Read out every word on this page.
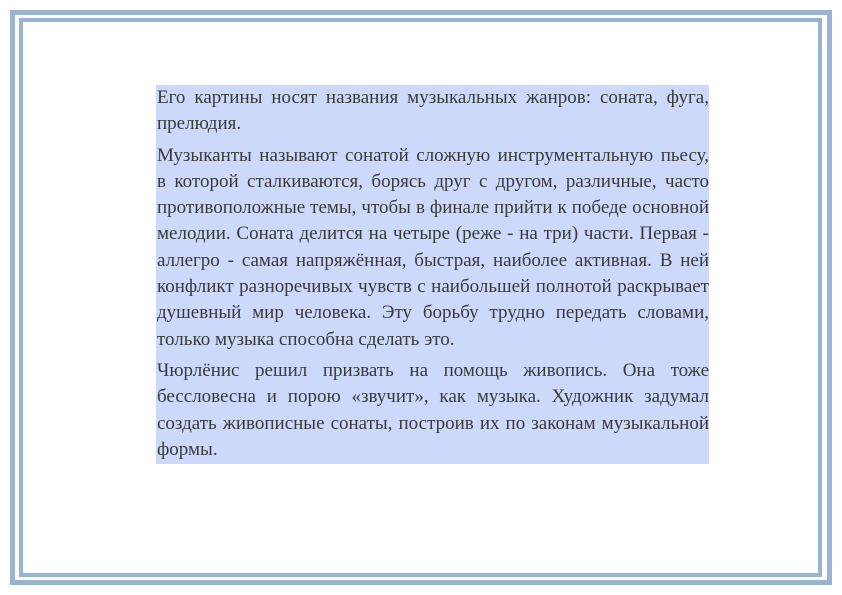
Его картины носят названия музыкальных жанров: соната, фуга, прелюдия.

Музыканты называют сонатой сложную инструментальную пьесу, в которой сталкиваются, борясь друг с другом, различные, часто противоположные темы, чтобы в финале прийти к победе основной мелодии. Соната делится на четыре (реже - на три) части. Первая - аллегро - самая напряжённая, быстрая, наиболее активная. В ней конфликт разноречивых чувств с наибольшей полнотой раскрывает душевный мир человека. Эту борьбу трудно передать словами, только музыка способна сделать это.

Чюрлёнис решил призвать на помощь живопись. Она тоже бессловесна и порою «звучит», как музыка. Художник задумал создать живописные сонаты, построив их по законам музыкальной формы.
